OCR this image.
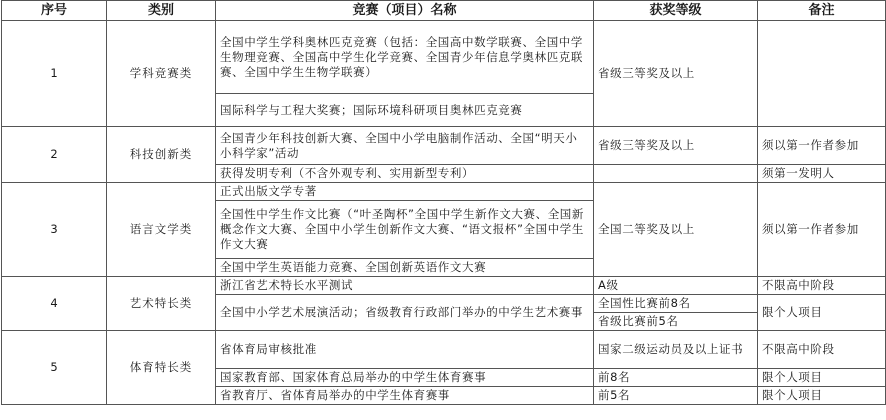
序号	类别	竞赛（项目）名称	获奖等级	备注
1	学科竞赛类	全国中学生学科奥林匹克竞赛（包括：全国高中数学联赛、全国中学生物理竞赛、全国高中学生化学竞赛、全国青少年信息学奥林匹克联赛、全国中学生生物学联赛）	省级三等奖及以上	
		国际科学与工程大奖赛；国际环境科研项目奥林匹克竞赛		
2	科技创新类	全国青少年科技创新大赛、全国中小学电脑制作活动、全国“明天小小科学家”活动	省级三等奖及以上	须以第一作者参加
		获得发明专利（不含外观专利、实用新型专利）		须第一发明人
3	语言文学类	正式出版文学专著	全国二等奖及以上	须以第一作者参加
		全国性中学生作文比赛（“叶圣陶杯”全国中学生新作文大赛、全国新概念作文大赛、全国中小学生创新作文大赛、“语文报杯”全国中学生作文大赛		
		全国中学生英语能力竞赛、全国创新英语作文大赛		
4	艺术特长类	浙江省艺术特长水平测试	A级	不限高中阶段
		全国中小学艺术展演活动；省级教育行政部门举办的中学生艺术赛事	全国性比赛前8名	限个人项目
			省级比赛前5名	
5	体育特长类	省体育局审核批准	国家二级运动员及以上证书	不限高中阶段
		国家教育部、国家体育总局举办的中学生体育赛事	前8名	限个人项目
		省教育厅、省体育局举办的中学生体育赛事	前5名	限个人项目
